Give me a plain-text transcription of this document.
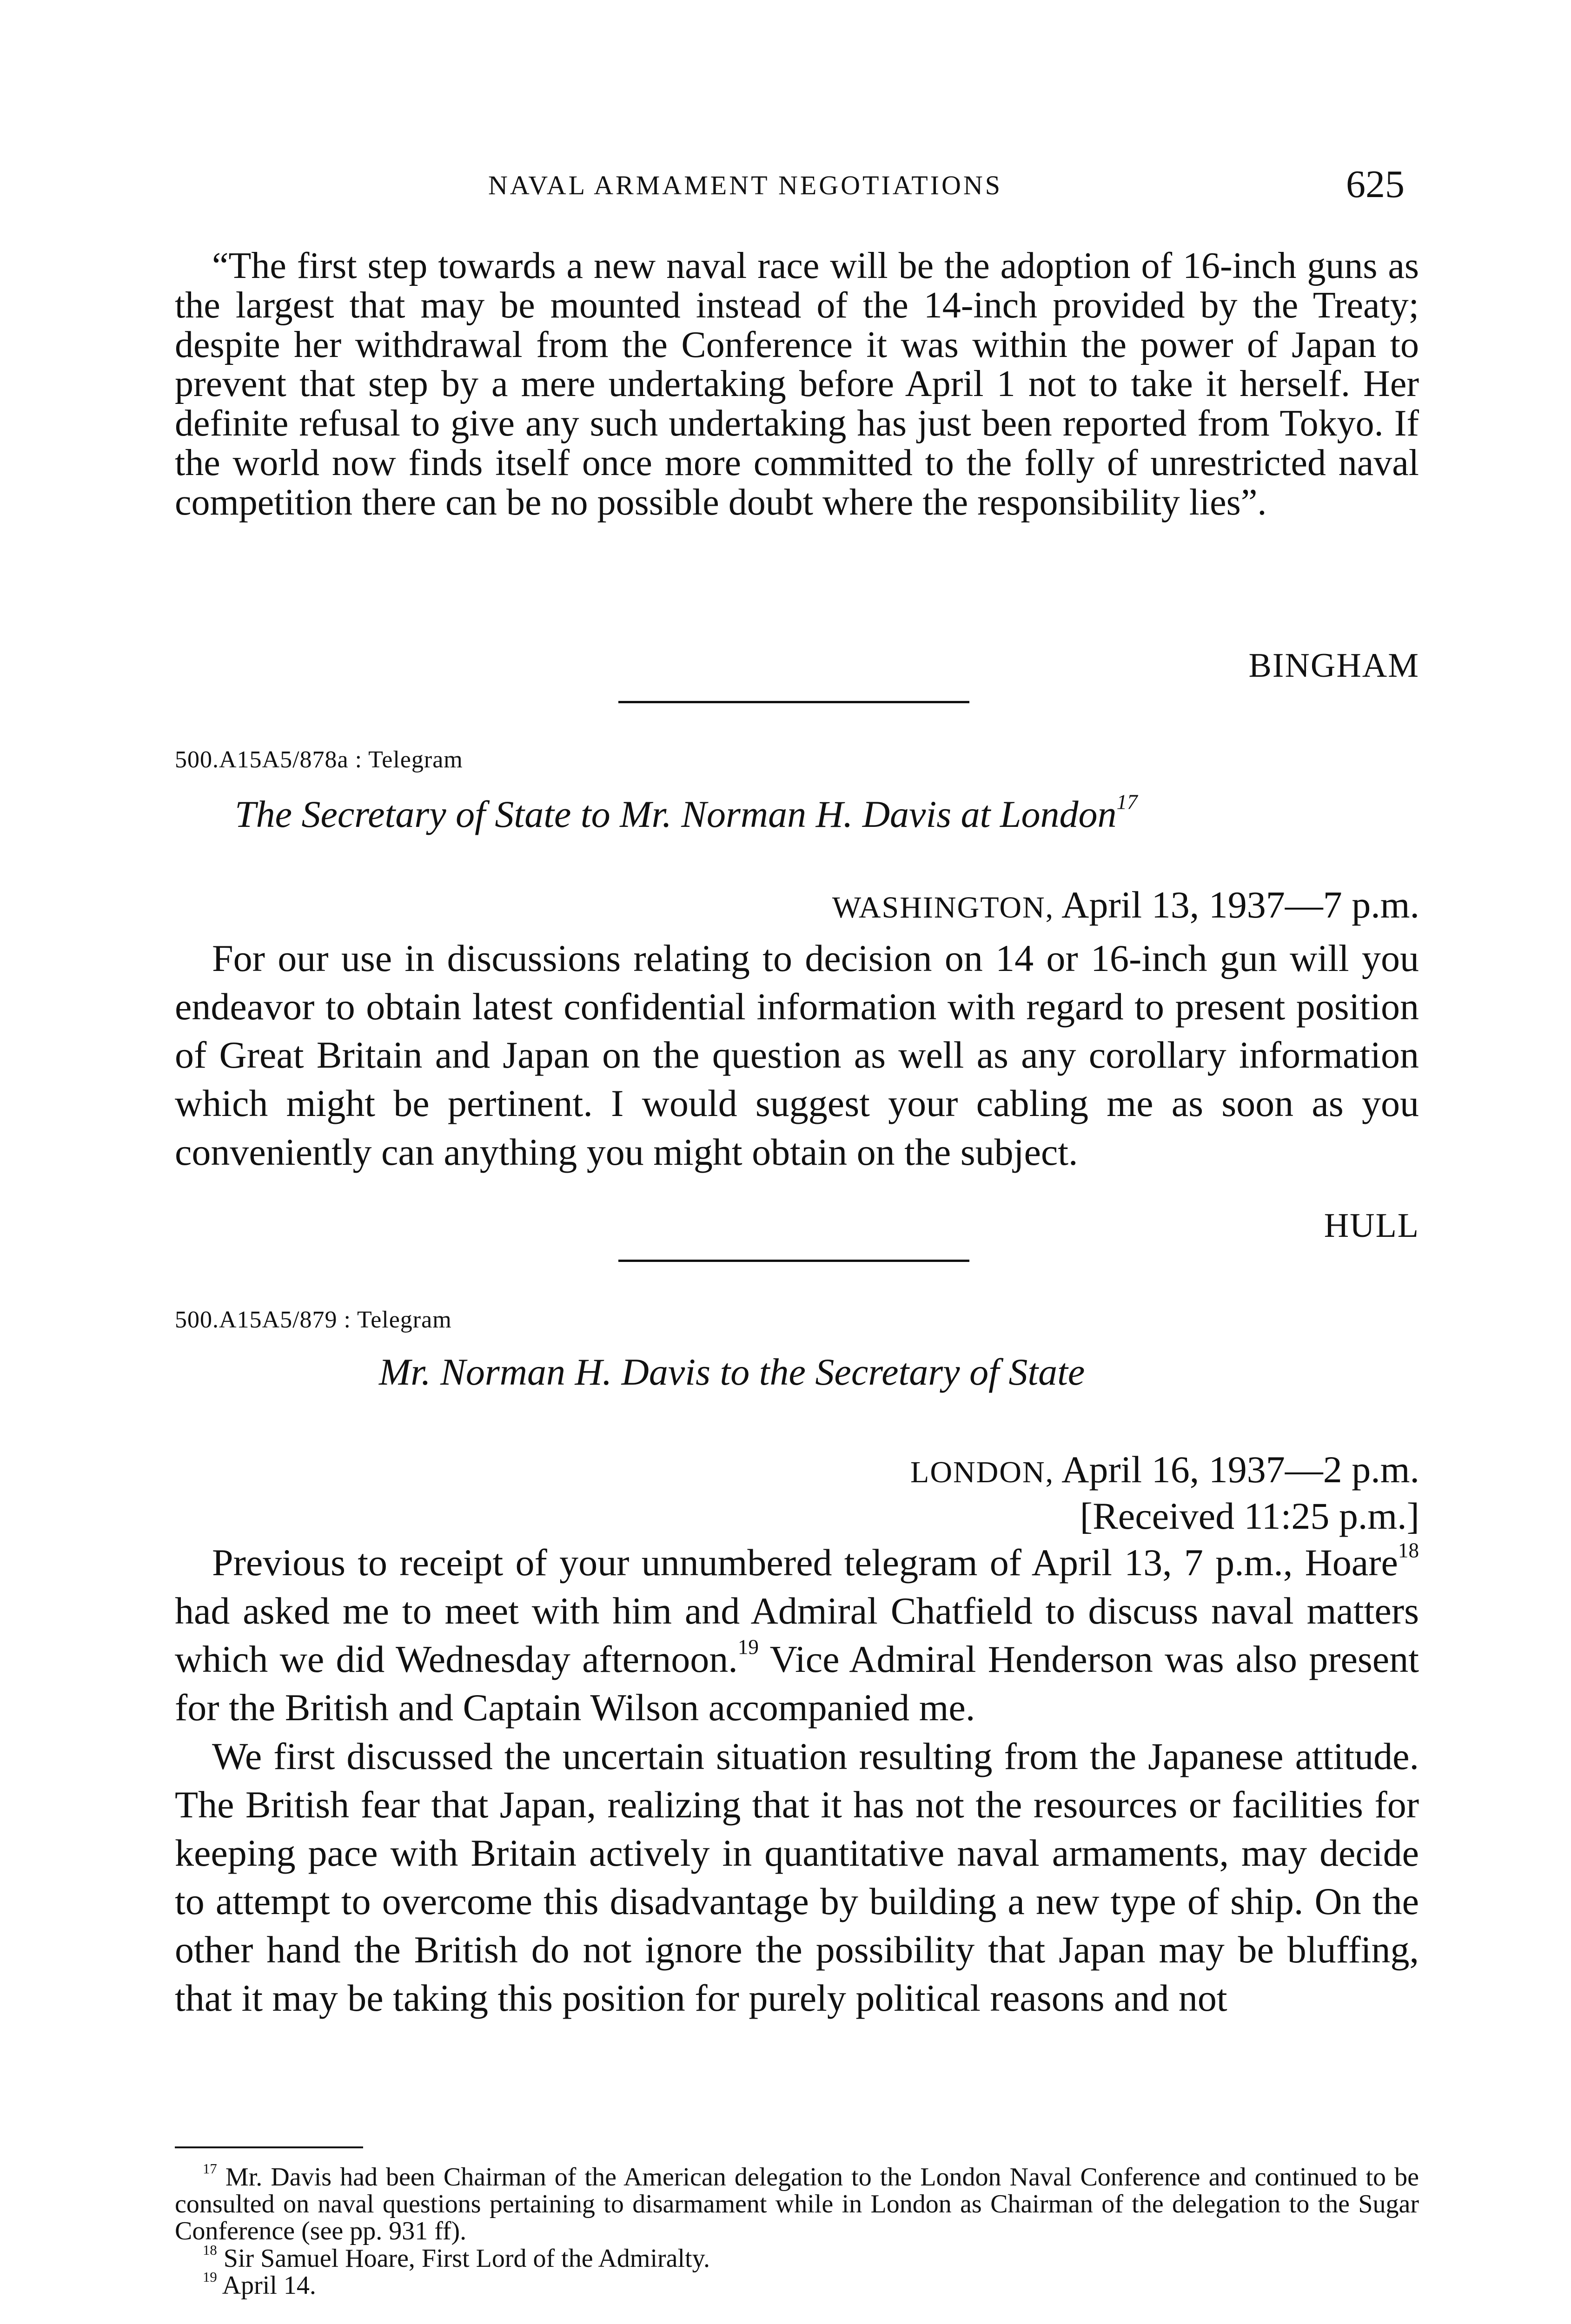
NAVAL ARMAMENT NEGOTIATIONS	625

“The first step towards a new naval race will be the adoption of 16-inch guns as the largest that may be mounted instead of the 14-inch provided by the Treaty; despite her withdrawal from the Conference it was within the power of Japan to prevent that step by a mere undertaking before April 1 not to take it herself. Her definite refusal to give any such undertaking has just been reported from Tokyo. If the world now finds itself once more committed to the folly of unrestricted naval competition there can be no possible doubt where the responsibility lies”.

BINGHAM
500.A15A5/878a : Telegram
The Secretary of State to Mr. Norman H. Davis at London$^{17}$
WASHINGTON, April 13, 1937—7 p.m.

For our use in discussions relating to decision on 14 or 16-inch gun will you endeavor to obtain latest confidential information with regard to present position of Great Britain and Japan on the question as well as any corollary information which might be pertinent. I would suggest your cabling me as soon as you conveniently can anything you might obtain on the subject.

HULL
500.A15A5/879 : Telegram
Mr. Norman H. Davis to the Secretary of State
LONDON, April 16, 1937—2 p.m.
[Received 11:25 p.m.]

Previous to receipt of your unnumbered telegram of April 13, 7 p.m., Hoare$^{18}$ had asked me to meet with him and Admiral Chatfield to discuss naval matters which we did Wednesday afternoon.$^{19}$ Vice Admiral Henderson was also present for the British and Captain Wilson accompanied me.

We first discussed the uncertain situation resulting from the Japanese attitude. The British fear that Japan, realizing that it has not the resources or facilities for keeping pace with Britain actively in quantitative naval armaments, may decide to attempt to overcome this disadvantage by building a new type of ship. On the other hand the British do not ignore the possibility that Japan may be bluffing, that it may be taking this position for purely political reasons and not

$^{17}$ Mr. Davis had been Chairman of the American delegation to the London Naval Conference and continued to be consulted on naval questions pertaining to disarmament while in London as Chairman of the delegation to the Sugar Conference (see pp. 931 ff).

$^{18}$ Sir Samuel Hoare, First Lord of the Admiralty.

$^{19}$ April 14.
